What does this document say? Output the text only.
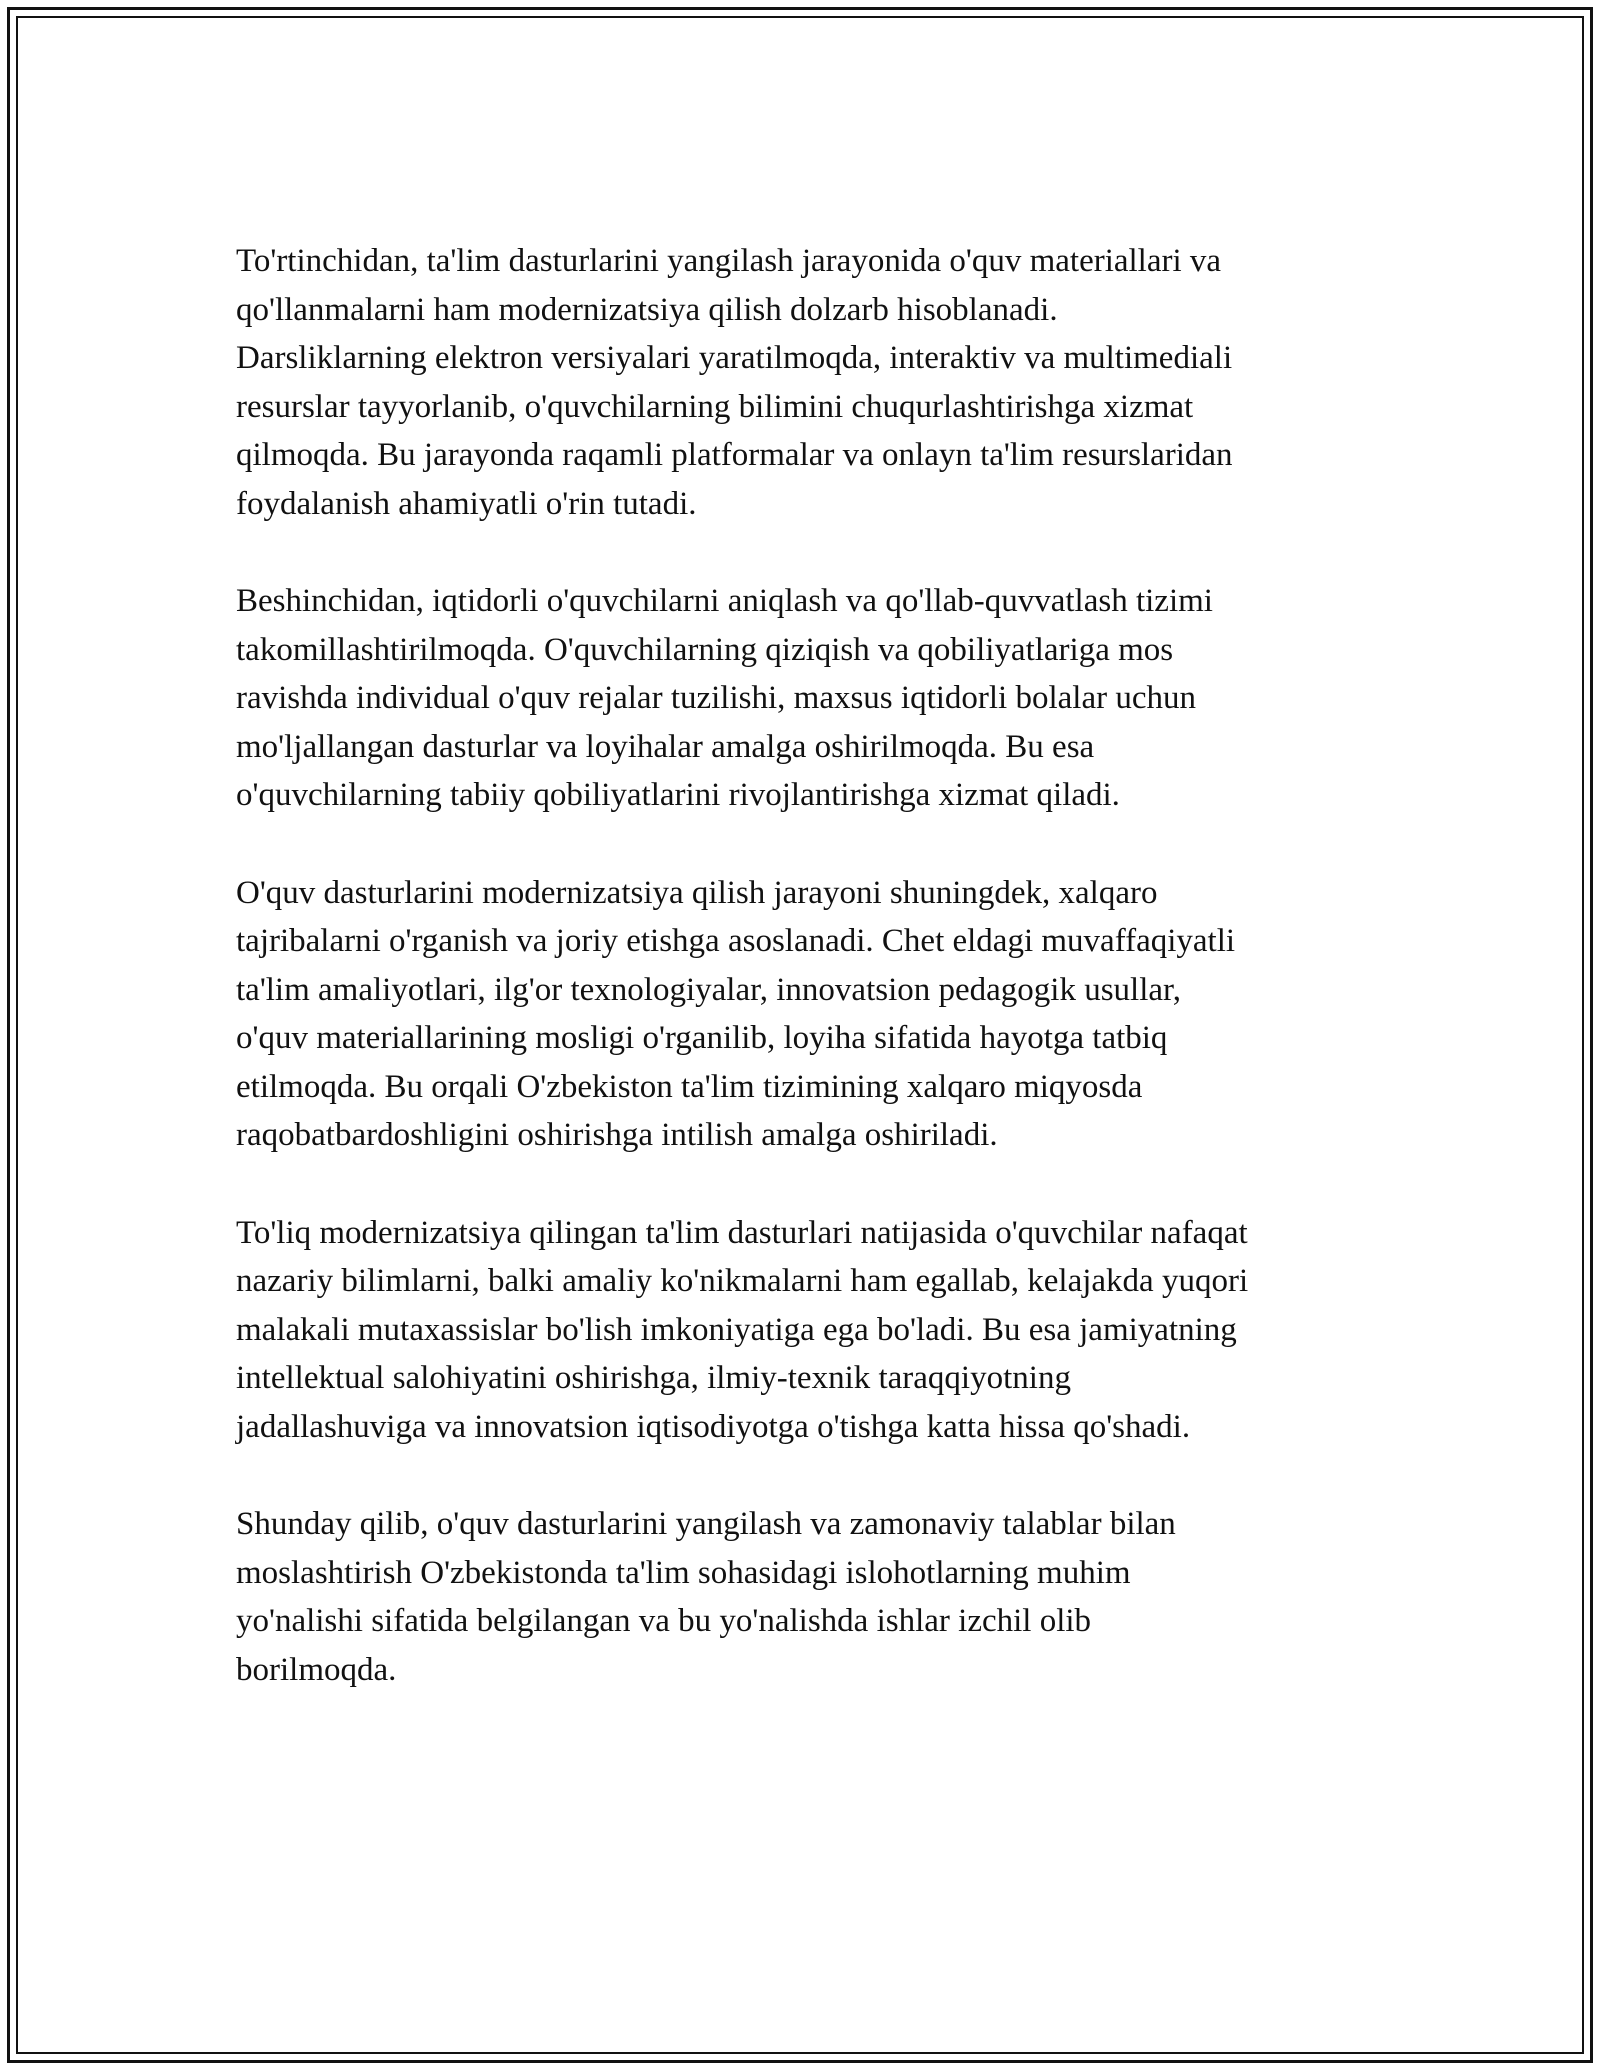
To'rtinchidan, ta'lim dasturlarini yangilash jarayonida o'quv materiallari va
qo'llanmalarni ham modernizatsiya qilish dolzarb hisoblanadi.
Darsliklarning elektron versiyalari yaratilmoqda, interaktiv va multimediali
resurslar tayyorlanib, o'quvchilarning bilimini chuqurlashtirishga xizmat
qilmoqda. Bu jarayonda raqamli platformalar va onlayn ta'lim resurslaridan
foydalanish ahamiyatli o'rin tutadi.

Beshinchidan, iqtidorli o'quvchilarni aniqlash va qo'llab-quvvatlash tizimi
takomillashtirilmoqda. O'quvchilarning qiziqish va qobiliyatlariga mos
ravishda individual o'quv rejalar tuzilishi, maxsus iqtidorli bolalar uchun
mo'ljallangan dasturlar va loyihalar amalga oshirilmoqda. Bu esa
o'quvchilarning tabiiy qobiliyatlarini rivojlantirishga xizmat qiladi.

O'quv dasturlarini modernizatsiya qilish jarayoni shuningdek, xalqaro
tajribalarni o'rganish va joriy etishga asoslanadi. Chet eldagi muvaffaqiyatli
ta'lim amaliyotlari, ilg'or texnologiyalar, innovatsion pedagogik usullar,
o'quv materiallarining mosligi o'rganilib, loyiha sifatida hayotga tatbiq
etilmoqda. Bu orqali O'zbekiston ta'lim tizimining xalqaro miqyosda
raqobatbardoshligini oshirishga intilish amalga oshiriladi.

To'liq modernizatsiya qilingan ta'lim dasturlari natijasida o'quvchilar nafaqat
nazariy bilimlarni, balki amaliy ko'nikmalarni ham egallab, kelajakda yuqori
malakali mutaxassislar bo'lish imkoniyatiga ega bo'ladi. Bu esa jamiyatning
intellektual salohiyatini oshirishga, ilmiy-texnik taraqqiyotning
jadallashuviga va innovatsion iqtisodiyotga o'tishga katta hissa qo'shadi.

Shunday qilib, o'quv dasturlarini yangilash va zamonaviy talablar bilan
moslashtirish O'zbekistonda ta'lim sohasidagi islohotlarning muhim
yo'nalishi sifatida belgilangan va bu yo'nalishda ishlar izchil olib
borilmoqda.
